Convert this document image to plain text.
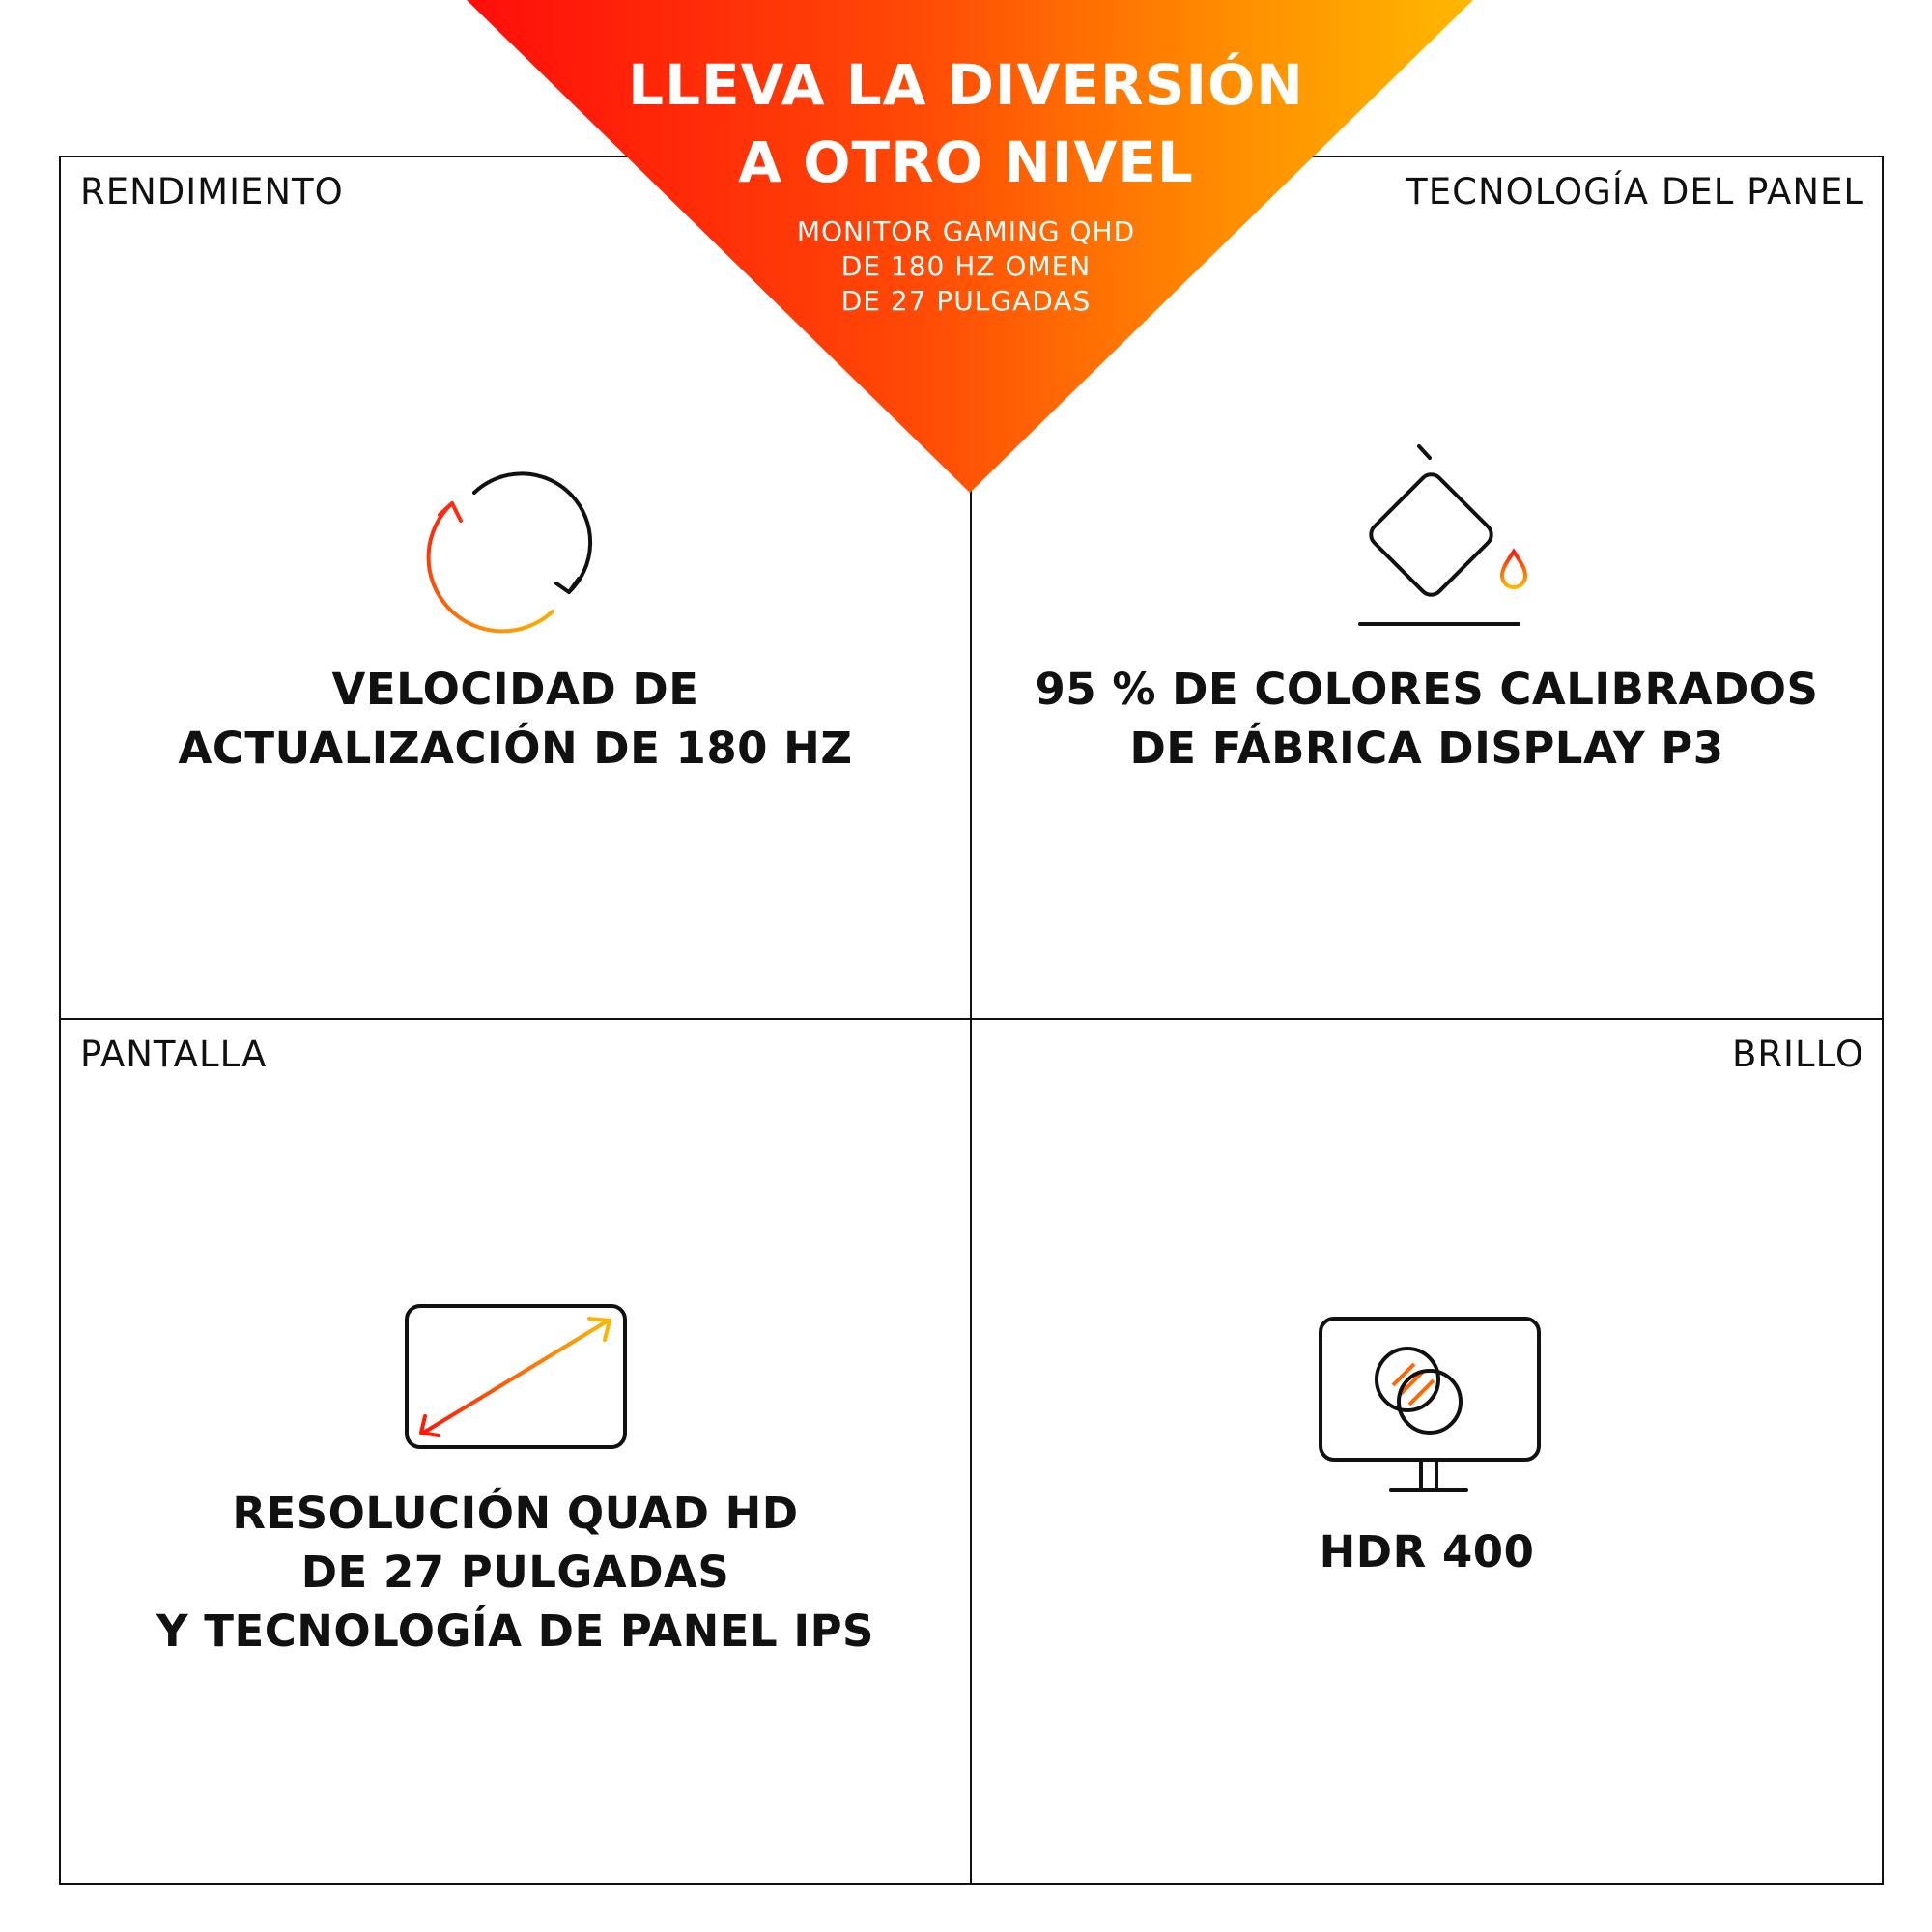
RENDIMIENTO
VELOCIDAD DE
ACTUALIZACIÓN DE 180 HZ
TECNOLOGÍA DEL PANEL
95 % DE COLORES CALIBRADOS
DE FÁBRICA DISPLAY P3
PANTALLA
RESOLUCIÓN QUAD HD
DE 27 PULGADAS
Y TECNOLOGÍA DE PANEL IPS
BRILLO
HDR 400
LLEVA LA DIVERSIÓN
A OTRO NIVEL
MONITOR GAMING QHD
DE 180 HZ OMEN
DE 27 PULGADAS
